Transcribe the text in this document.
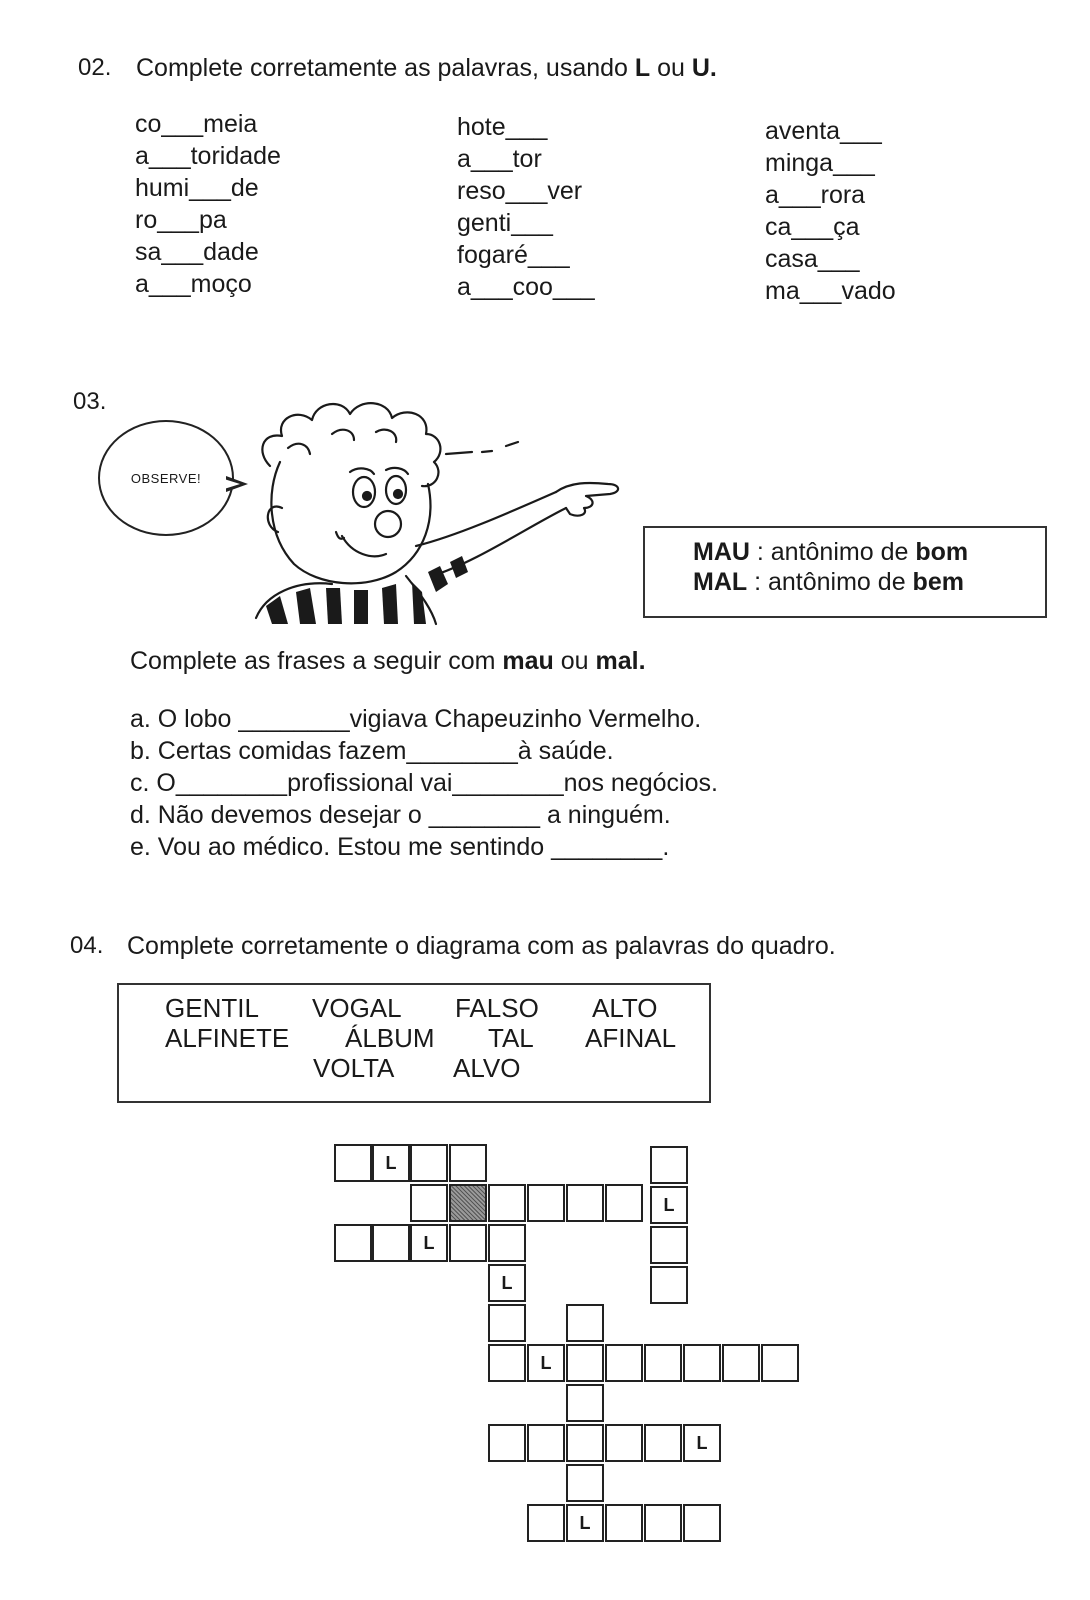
02. Complete corretamente as palavras, usando L ou U.
co___meia
a___toridade
humi___de
ro___pa
sa___dade
a___moço
hote___
a___tor
reso___ver
genti___
fogaré___
a___coo___
aventa___
minga___
a___rora
ca___ça
casa___
ma___vado
03.
OBSERVE!
MAU : antônimo de bom
MAL : antônimo de bem
Complete as frases a seguir com mau ou mal.
a. O lobo ________vigiava Chapeuzinho Vermelho.
b. Certas comidas fazem________à saúde.
c. O________profissional vai________nos negócios.
d. Não devemos desejar o ________ a ninguém.
e. Vou ao médico. Estou me sentindo ________.
04. Complete corretamente o diagrama com as palavras do quadro.
GENTIL VOGAL FALSO ALTO
ALFINETE ÁLBUM TAL AFINAL
VOLTA ALVO
L
L
L
L
L
L
L
